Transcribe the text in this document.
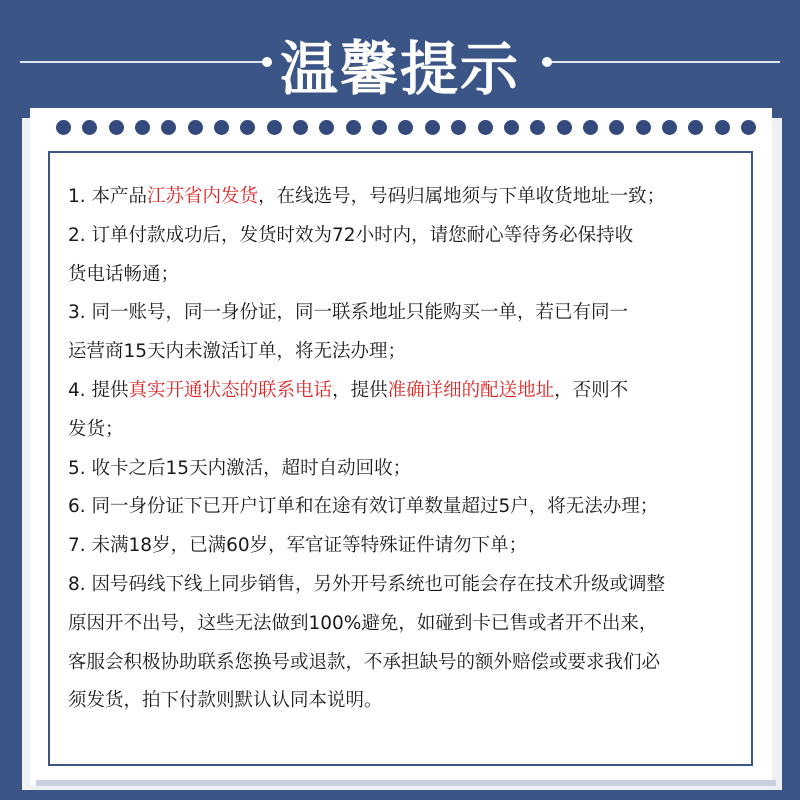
温馨提示

1. 本产品江苏省内发货，在线选号，号码归属地须与下单收货地址一致；

2. 订单付款成功后，发货时效为72小时内，请您耐心等待务必保持收

货电话畅通；

3. 同一账号，同一身份证，同一联系地址只能购买一单，若已有同一

运营商15天内未激活订单，将无法办理；

4. 提供真实开通状态的联系电话，提供准确详细的配送地址，否则不

发货；

5. 收卡之后15天内激活，超时自动回收；

6. 同一身份证下已开户订单和在途有效订单数量超过5户，将无法办理；

7. 未满18岁，已满60岁，军官证等特殊证件请勿下单；

8. 因号码线下线上同步销售，另外开号系统也可能会存在技术升级或调整

原因开不出号，这些无法做到100%避免，如碰到卡已售或者开不出来，

客服会积极协助联系您换号或退款，不承担缺号的额外赔偿或要求我们必

须发货，拍下付款则默认认同本说明。
